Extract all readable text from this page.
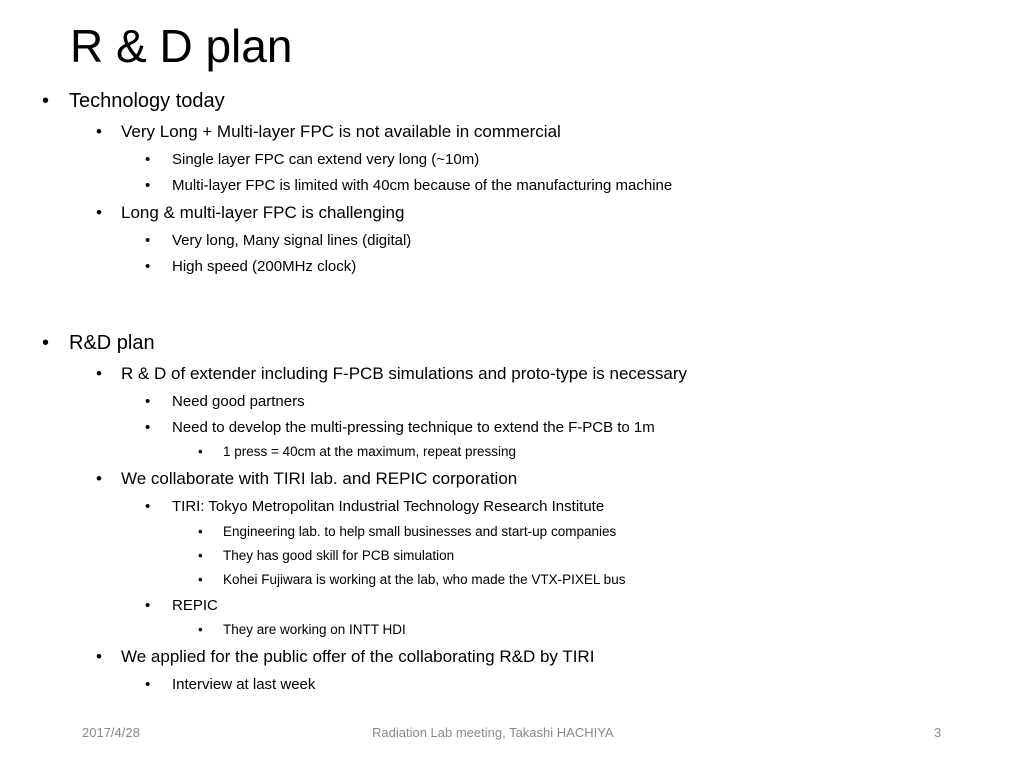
R & D plan
• Technology today
• Very Long + Multi-layer FPC is not available in commercial
• Single layer FPC can extend very long (~10m)
• Multi-layer FPC is limited with 40cm because of the manufacturing machine
• Long & multi-layer FPC is challenging
• Very long, Many signal lines (digital)
• High speed (200MHz clock)
• R&D plan
• R & D of extender including F-PCB simulations and proto-type is necessary
• Need good partners
• Need to develop the multi-pressing technique to extend the F-PCB to 1m
• 1 press = 40cm at the maximum, repeat pressing
• We collaborate with TIRI lab. and REPIC corporation
• TIRI: Tokyo Metropolitan Industrial Technology Research Institute
• Engineering lab. to help small businesses and start-up companies
• They has good skill for PCB simulation
• Kohei Fujiwara is working at the lab, who made the VTX-PIXEL bus
• REPIC
• They are working on INTT HDI
• We applied for the public offer of the collaborating R&D by TIRI
• Interview at last week
2017/4/28	Radiation Lab meeting, Takashi HACHIYA	3
